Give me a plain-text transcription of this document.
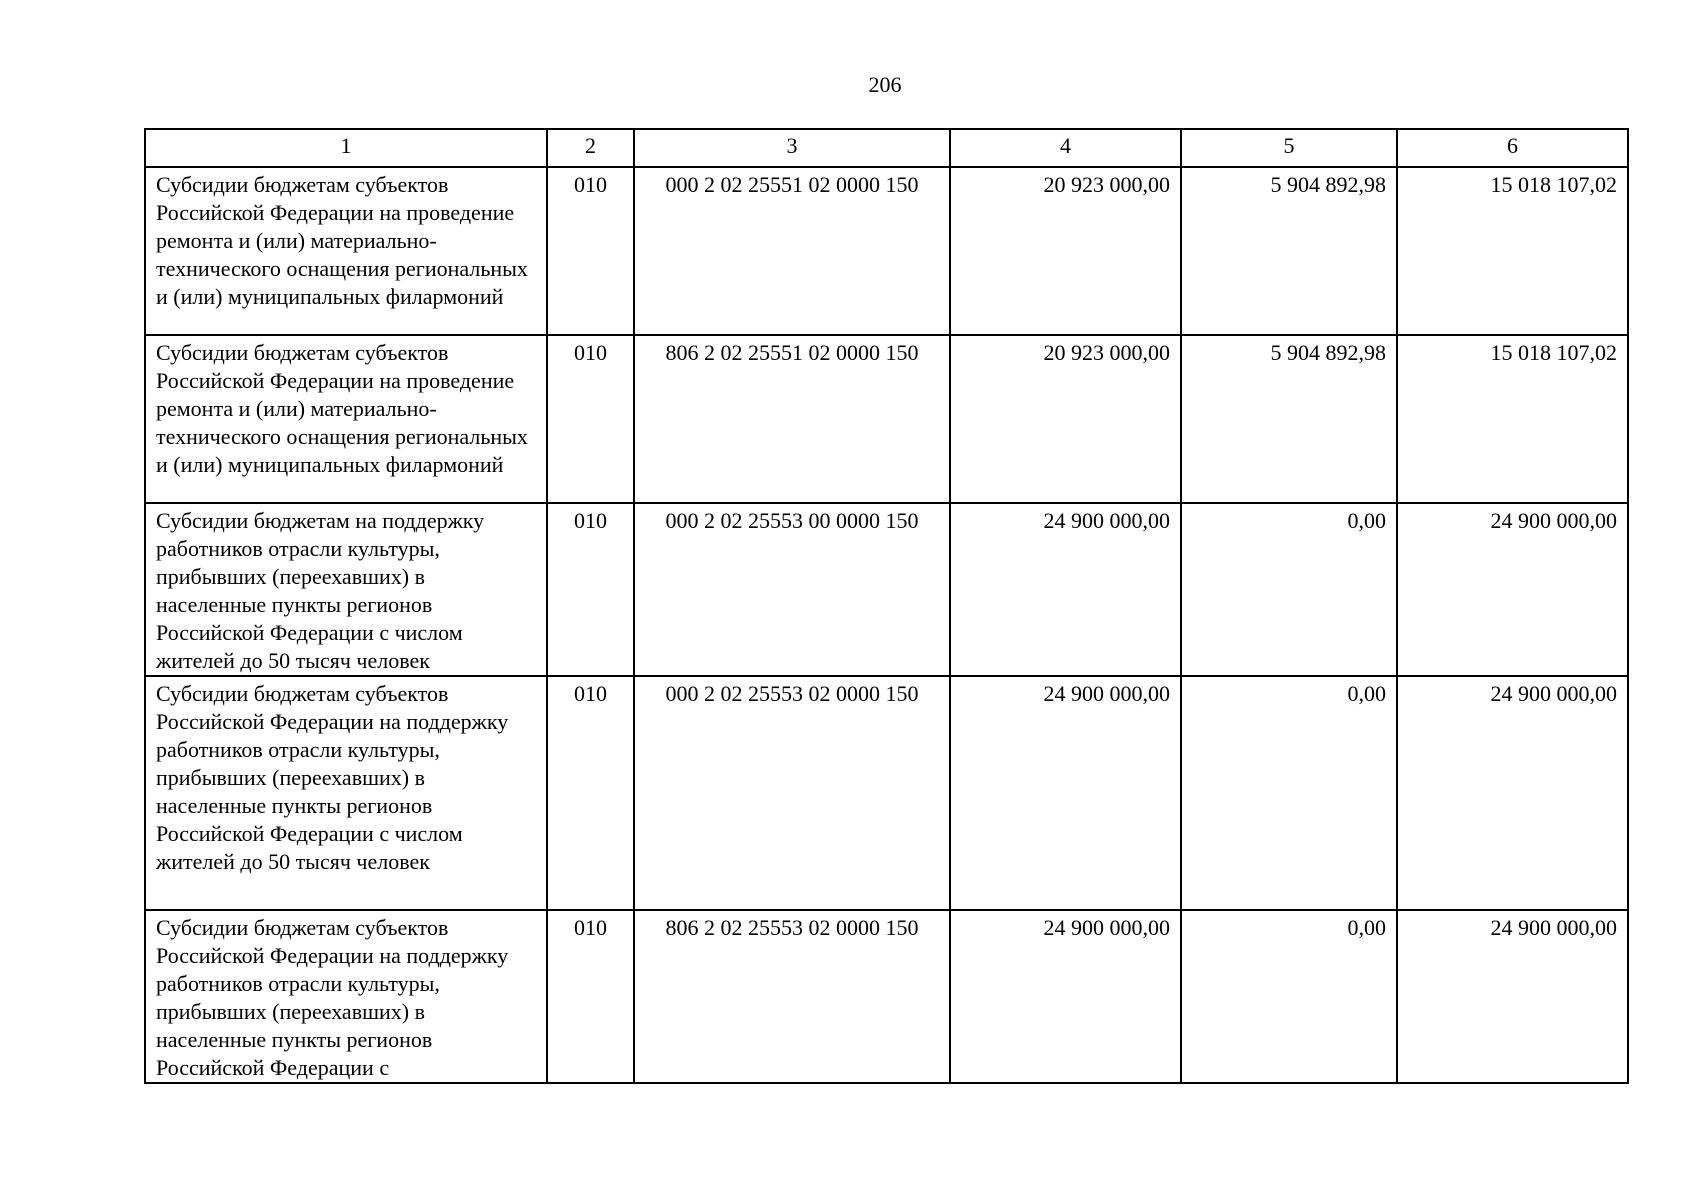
206
1	2	3	4	5	6
Субсидии бюджетам субъектов Российской Федерации на проведение ремонта и (или) материально-технического оснащения региональных и (или) муниципальных филармоний	010	000 2 02 25551 02 0000 150	20 923 000,00	5 904 892,98	15 018 107,02
Субсидии бюджетам субъектов Российской Федерации на проведение ремонта и (или) материально-технического оснащения региональных и (или) муниципальных филармоний	010	806 2 02 25551 02 0000 150	20 923 000,00	5 904 892,98	15 018 107,02
Субсидии бюджетам на поддержку работников отрасли культуры, прибывших (переехавших) в населенные пункты регионов Российской Федерации с числом жителей до 50 тысяч человек	010	000 2 02 25553 00 0000 150	24 900 000,00	0,00	24 900 000,00
Субсидии бюджетам субъектов Российской Федерации на поддержку работников отрасли культуры, прибывших (переехавших) в населенные пункты регионов Российской Федерации с числом жителей до 50 тысяч человек	010	000 2 02 25553 02 0000 150	24 900 000,00	0,00	24 900 000,00
Субсидии бюджетам субъектов Российской Федерации на поддержку работников отрасли культуры, прибывших (переехавших) в населенные пункты регионов Российской Федерации с	010	806 2 02 25553 02 0000 150	24 900 000,00	0,00	24 900 000,00
